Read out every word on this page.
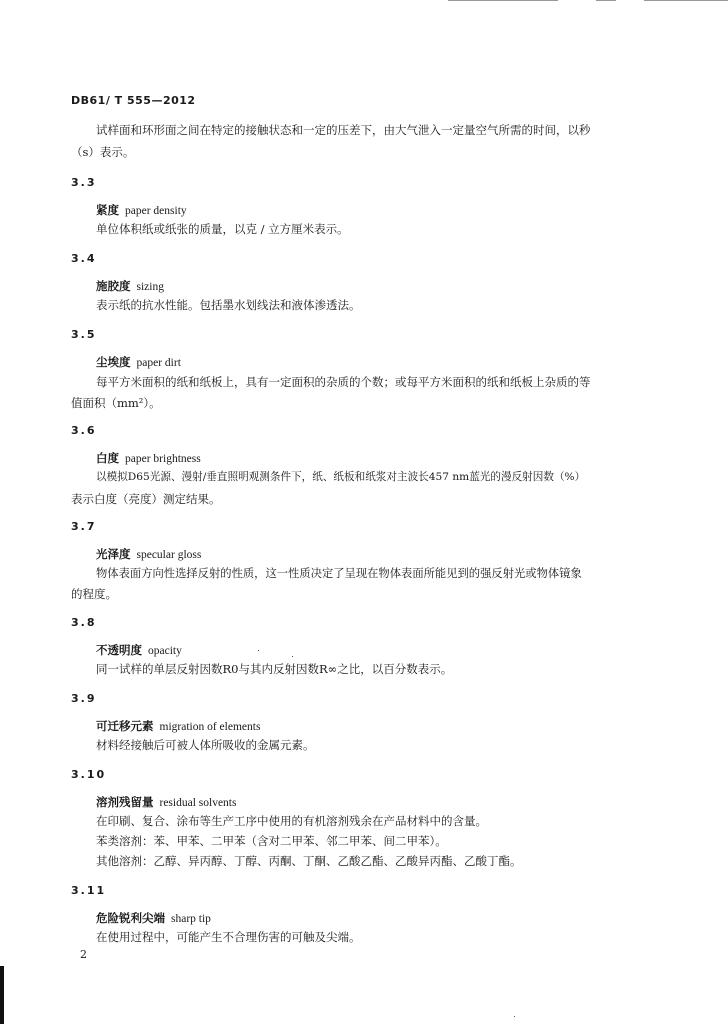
DB61/ T 555—2012
试样面和环形面之间在特定的接触状态和一定的压差下，由大气泄入一定量空气所需的时间，以秒
（s）表示。
3.3
紧度 paper density
单位体积纸或纸张的质量，以克 / 立方厘米表示。
3.4
施胶度 sizing
表示纸的抗水性能。包括墨水划线法和液体渗透法。
3.5
尘埃度 paper dirt
每平方米面积的纸和纸板上，具有一定面积的杂质的个数；或每平方米面积的纸和纸板上杂质的等
值面积（mm²）。
3.6
白度 paper brightness
以模拟D65光源、漫射/垂直照明观测条件下，纸、纸板和纸浆对主波长457 nm蓝光的漫反射因数（%）
表示白度（亮度）测定结果。
3.7
光泽度 specular gloss
物体表面方向性选择反射的性质，这一性质决定了呈现在物体表面所能见到的强反射光或物体镜象
的程度。
3.8
不透明度 opacity
同一试样的单层反射因数R0与其内反射因数R∞之比，以百分数表示。
3.9
可迁移元素 migration of elements
材料经接触后可被人体所吸收的金属元素。
3.10
溶剂残留量 residual solvents
在印刷、复合、涂布等生产工序中使用的有机溶剂残余在产品材料中的含量。
苯类溶剂：苯、甲苯、二甲苯（含对二甲苯、邻二甲苯、间二甲苯）。
其他溶剂：乙醇、异丙醇、丁醇、丙酮、丁酮、乙酸乙酯、乙酸异丙酯、乙酸丁酯。
3.11
危险锐利尖端 sharp tip
在使用过程中，可能产生不合理伤害的可触及尖端。
2
